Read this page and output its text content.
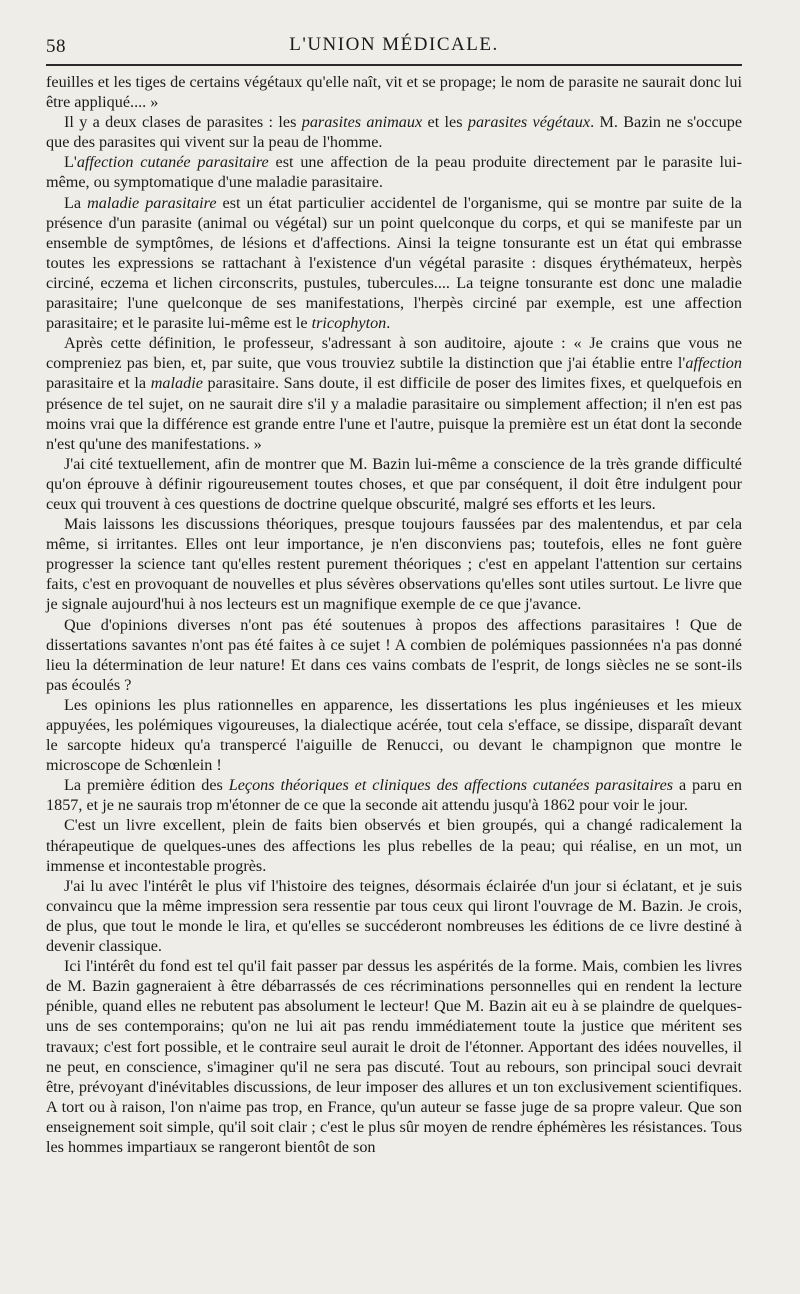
58	L'UNION MÉDICALE.

feuilles et les tiges de certains végétaux qu'elle naît, vit et se propage; le nom de parasite ne saurait donc lui être appliqué.... »

Il y a deux clases de parasites : les parasites animaux et les parasites végétaux. M. Bazin ne s'occupe que des parasites qui vivent sur la peau de l'homme.

L'affection cutanée parasitaire est une affection de la peau produite directement par le parasite lui-même, ou symptomatique d'une maladie parasitaire.

La maladie parasitaire est un état particulier accidentel de l'organisme, qui se montre par suite de la présence d'un parasite (animal ou végétal) sur un point quelconque du corps, et qui se manifeste par un ensemble de symptômes, de lésions et d'affections. Ainsi la teigne tonsurante est un état qui embrasse toutes les expressions se rattachant à l'existence d'un végétal parasite : disques érythémateux, herpès circiné, eczema et lichen circonscrits, pustules, tubercules.... La teigne tonsurante est donc une maladie parasitaire; l'une quelconque de ses manifestations, l'herpès circiné par exemple, est une affection parasitaire; et le parasite lui-même est le tricophyton.

Après cette définition, le professeur, s'adressant à son auditoire, ajoute : « Je crains que vous ne compreniez pas bien, et, par suite, que vous trouviez subtile la distinction que j'ai établie entre l'affection parasitaire et la maladie parasitaire. Sans doute, il est difficile de poser des limites fixes, et quelquefois en présence de tel sujet, on ne saurait dire s'il y a maladie parasitaire ou simplement affection; il n'en est pas moins vrai que la différence est grande entre l'une et l'autre, puisque la première est un état dont la seconde n'est qu'une des manifestations. »

J'ai cité textuellement, afin de montrer que M. Bazin lui-même a conscience de la très grande difficulté qu'on éprouve à définir rigoureusement toutes choses, et que par conséquent, il doit être indulgent pour ceux qui trouvent à ces questions de doctrine quelque obscurité, malgré ses efforts et les leurs.

Mais laissons les discussions théoriques, presque toujours faussées par des malentendus, et par cela même, si irritantes. Elles ont leur importance, je n'en disconviens pas; toutefois, elles ne font guère progresser la science tant qu'elles restent purement théoriques ; c'est en appelant l'attention sur certains faits, c'est en provoquant de nouvelles et plus sévères observations qu'elles sont utiles surtout. Le livre que je signale aujourd'hui à nos lecteurs est un magnifique exemple de ce que j'avance.

Que d'opinions diverses n'ont pas été soutenues à propos des affections parasitaires ! Que de dissertations savantes n'ont pas été faites à ce sujet ! A combien de polémiques passionnées n'a pas donné lieu la détermination de leur nature! Et dans ces vains combats de l'esprit, de longs siècles ne se sont-ils pas écoulés ?

Les opinions les plus rationnelles en apparence, les dissertations les plus ingénieuses et les mieux appuyées, les polémiques vigoureuses, la dialectique acérée, tout cela s'efface, se dissipe, disparaît devant le sarcopte hideux qu'a transpercé l'aiguille de Renucci, ou devant le champignon que montre le microscope de Schœnlein !

La première édition des Leçons théoriques et cliniques des affections cutanées parasitaires a paru en 1857, et je ne saurais trop m'étonner de ce que la seconde ait attendu jusqu'à 1862 pour voir le jour.

C'est un livre excellent, plein de faits bien observés et bien groupés, qui a changé radicalement la thérapeutique de quelques-unes des affections les plus rebelles de la peau; qui réalise, en un mot, un immense et incontestable progrès.

J'ai lu avec l'intérêt le plus vif l'histoire des teignes, désormais éclairée d'un jour si éclatant, et je suis convaincu que la même impression sera ressentie par tous ceux qui liront l'ouvrage de M. Bazin. Je crois, de plus, que tout le monde le lira, et qu'elles se succéderont nombreuses les éditions de ce livre destiné à devenir classique.

Ici l'intérêt du fond est tel qu'il fait passer par dessus les aspérités de la forme. Mais, combien les livres de M. Bazin gagneraient à être débarrassés de ces récriminations personnelles qui en rendent la lecture pénible, quand elles ne rebutent pas absolument le lecteur! Que M. Bazin ait eu à se plaindre de quelques-uns de ses contemporains; qu'on ne lui ait pas rendu immédiatement toute la justice que méritent ses travaux; c'est fort possible, et le contraire seul aurait le droit de l'étonner. Apportant des idées nouvelles, il ne peut, en conscience, s'imaginer qu'il ne sera pas discuté. Tout au rebours, son principal souci devrait être, prévoyant d'inévitables discussions, de leur imposer des allures et un ton exclusivement scientifiques. A tort ou à raison, l'on n'aime pas trop, en France, qu'un auteur se fasse juge de sa propre valeur. Que son enseignement soit simple, qu'il soit clair ; c'est le plus sûr moyen de rendre éphémères les résistances. Tous les hommes impartiaux se rangeront bientôt de son
